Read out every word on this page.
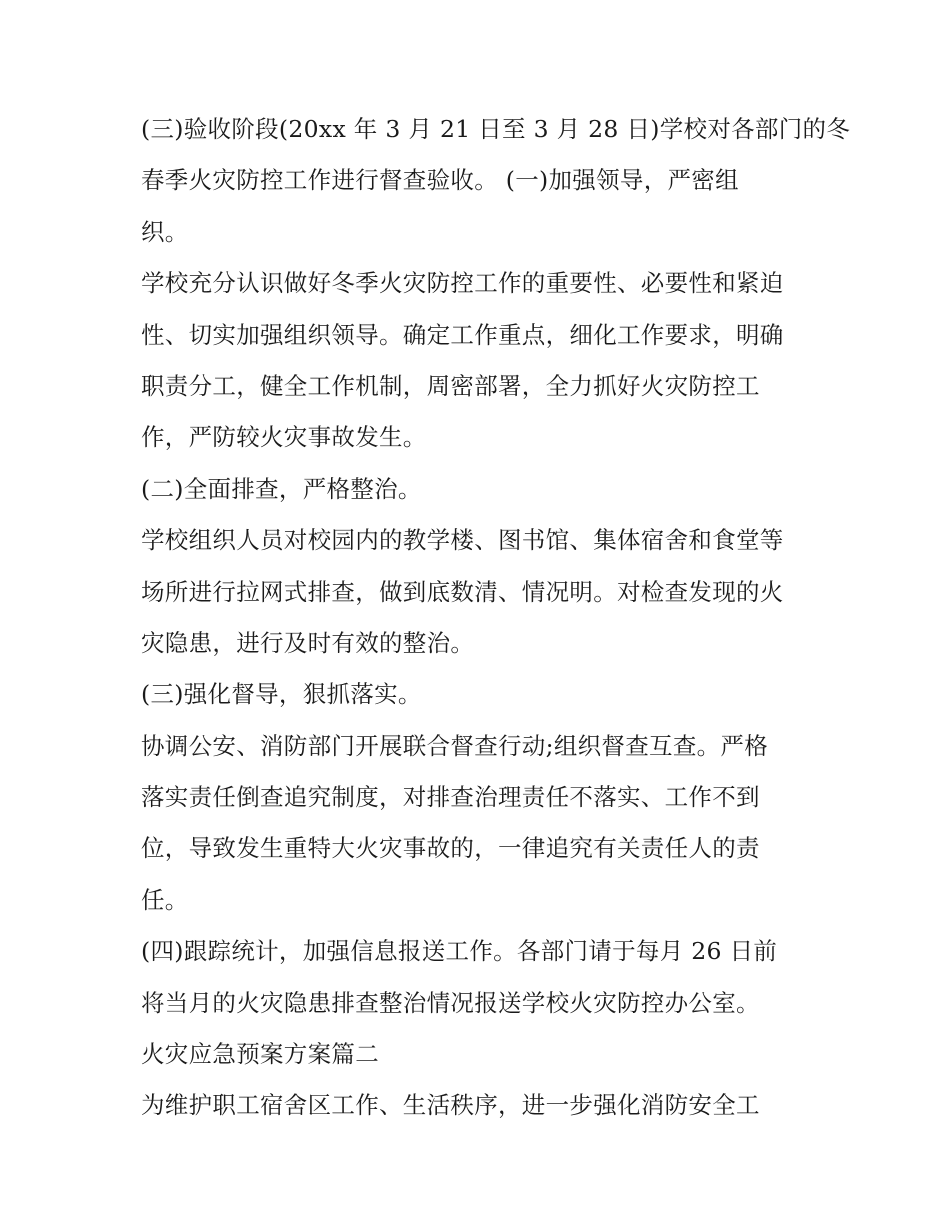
(三)验收阶段(20xx 年 3 月 21 日至 3 月 28 日)学校对各部门的冬
春季火灾防控工作进行督查验收。 (一)加强领导，严密组
织。
学校充分认识做好冬季火灾防控工作的重要性、必要性和紧迫
性、切实加强组织领导。确定工作重点，细化工作要求，明确
职责分工，健全工作机制，周密部署，全力抓好火灾防控工
作，严防较火灾事故发生。
(二)全面排查，严格整治。
学校组织人员对校园内的教学楼、图书馆、集体宿舍和食堂等
场所进行拉网式排查，做到底数清、情况明。对检查发现的火
灾隐患，进行及时有效的整治。
(三)强化督导，狠抓落实。
协调公安、消防部门开展联合督查行动;组织督查互查。严格
落实责任倒查追究制度，对排查治理责任不落实、工作不到
位，导致发生重特大火灾事故的，一律追究有关责任人的责
任。
(四)跟踪统计，加强信息报送工作。各部门请于每月 26 日前
将当月的火灾隐患排查整治情况报送学校火灾防控办公室。
火灾应急预案方案篇二
为维护职工宿舍区工作、生活秩序，进一步强化消防安全工
